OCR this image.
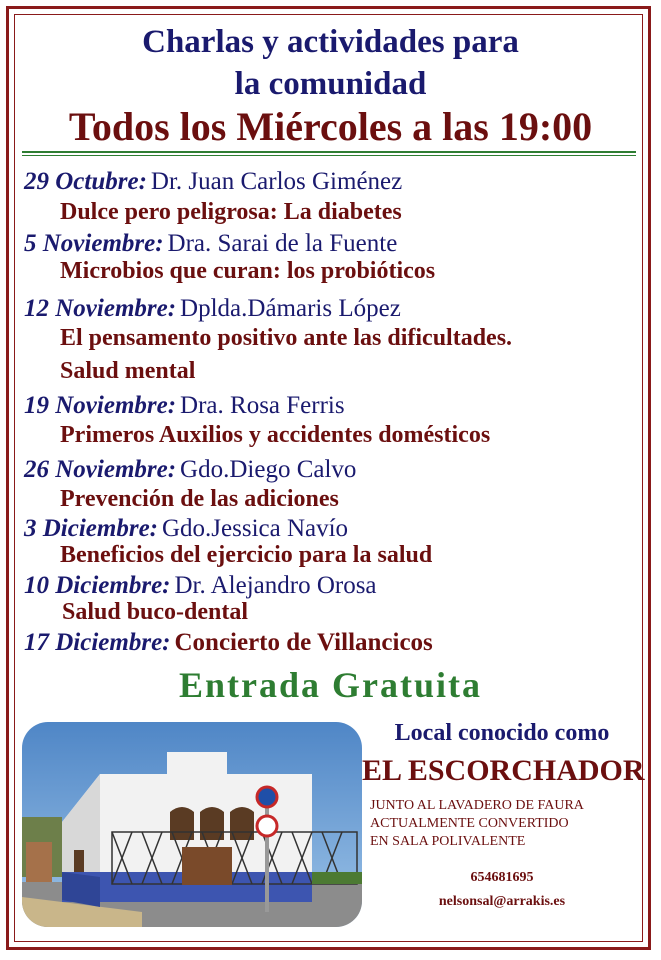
Charlas y actividades para
la comunidad
Todos los Miércoles a las 19:00
29 Octubre: Dr. Juan Carlos Giménez
Dulce pero peligrosa: La diabetes
5 Noviembre: Dra. Sarai de la Fuente
Microbios que curan: los probióticos
12 Noviembre: Dplda.Dámaris López
El pensamento positivo ante las dificultades.
Salud mental
19 Noviembre: Dra. Rosa Ferris
Primeros Auxilios y accidentes domésticos
26 Noviembre: Gdo.Diego Calvo
Prevención de las adiciones
3 Diciembre: Gdo.Jessica Navío
Beneficios del ejercicio para la salud
10 Diciembre: Dr. Alejandro Orosa
Salud buco-dental
17 Diciembre: Concierto de Villancicos
Entrada Gratuita
Local conocido como
EL ESCORCHADOR
JUNTO AL LAVADERO DE FAURA
ACTUALMENTE CONVERTIDO
EN SALA POLIVALENTE
654681695
nelsonsal@arrakis.es
